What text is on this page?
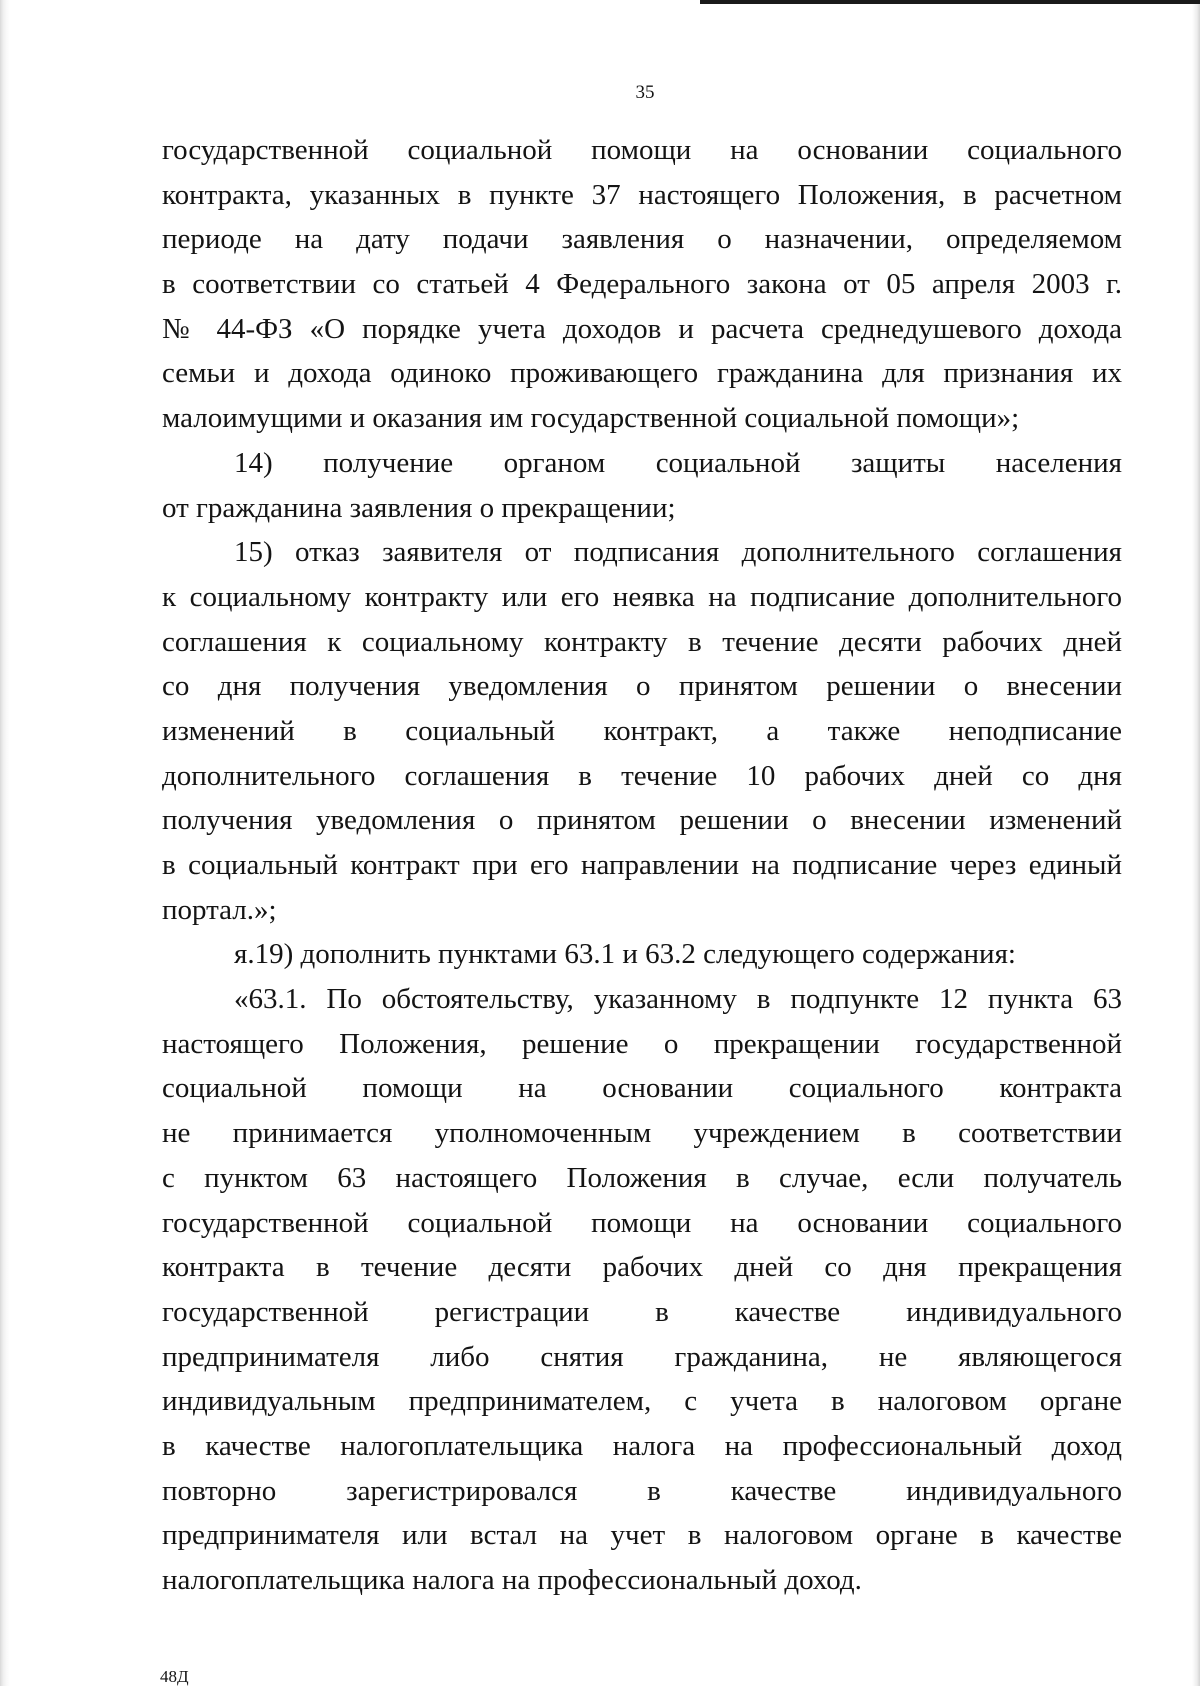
35
государственной социальной помощи на основании социального
контракта, указанных в пункте 37 настоящего Положения, в расчетном
периоде на дату подачи заявления о назначении, определяемом
в соответствии со статьей 4 Федерального закона от 05 апреля 2003 г.
№ 44-ФЗ «О порядке учета доходов и расчета среднедушевого дохода
семьи и дохода одиноко проживающего гражданина для признания их
малоимущими и оказания им государственной социальной помощи»;
14) получение органом социальной защиты населения
от гражданина заявления о прекращении;
15) отказ заявителя от подписания дополнительного соглашения
к социальному контракту или его неявка на подписание дополнительного
соглашения к социальному контракту в течение десяти рабочих дней
со дня получения уведомления о принятом решении о внесении
изменений в социальный контракт, а также неподписание
дополнительного соглашения в течение 10 рабочих дней со дня
получения уведомления о принятом решении о внесении изменений
в социальный контракт при его направлении на подписание через единый
портал.»;
я.19) дополнить пунктами 63.1 и 63.2 следующего содержания:
«63.1. По обстоятельству, указанному в подпункте 12 пункта 63
настоящего Положения, решение о прекращении государственной
социальной помощи на основании социального контракта
не принимается уполномоченным учреждением в соответствии
с пунктом 63 настоящего Положения в случае, если получатель
государственной социальной помощи на основании социального
контракта в течение десяти рабочих дней со дня прекращения
государственной регистрации в качестве индивидуального
предпринимателя либо снятия гражданина, не являющегося
индивидуальным предпринимателем, с учета в налоговом органе
в качестве налогоплательщика налога на профессиональный доход
повторно зарегистрировался в качестве индивидуального
предпринимателя или встал на учет в налоговом органе в качестве
налогоплательщика налога на профессиональный доход.
48Д
